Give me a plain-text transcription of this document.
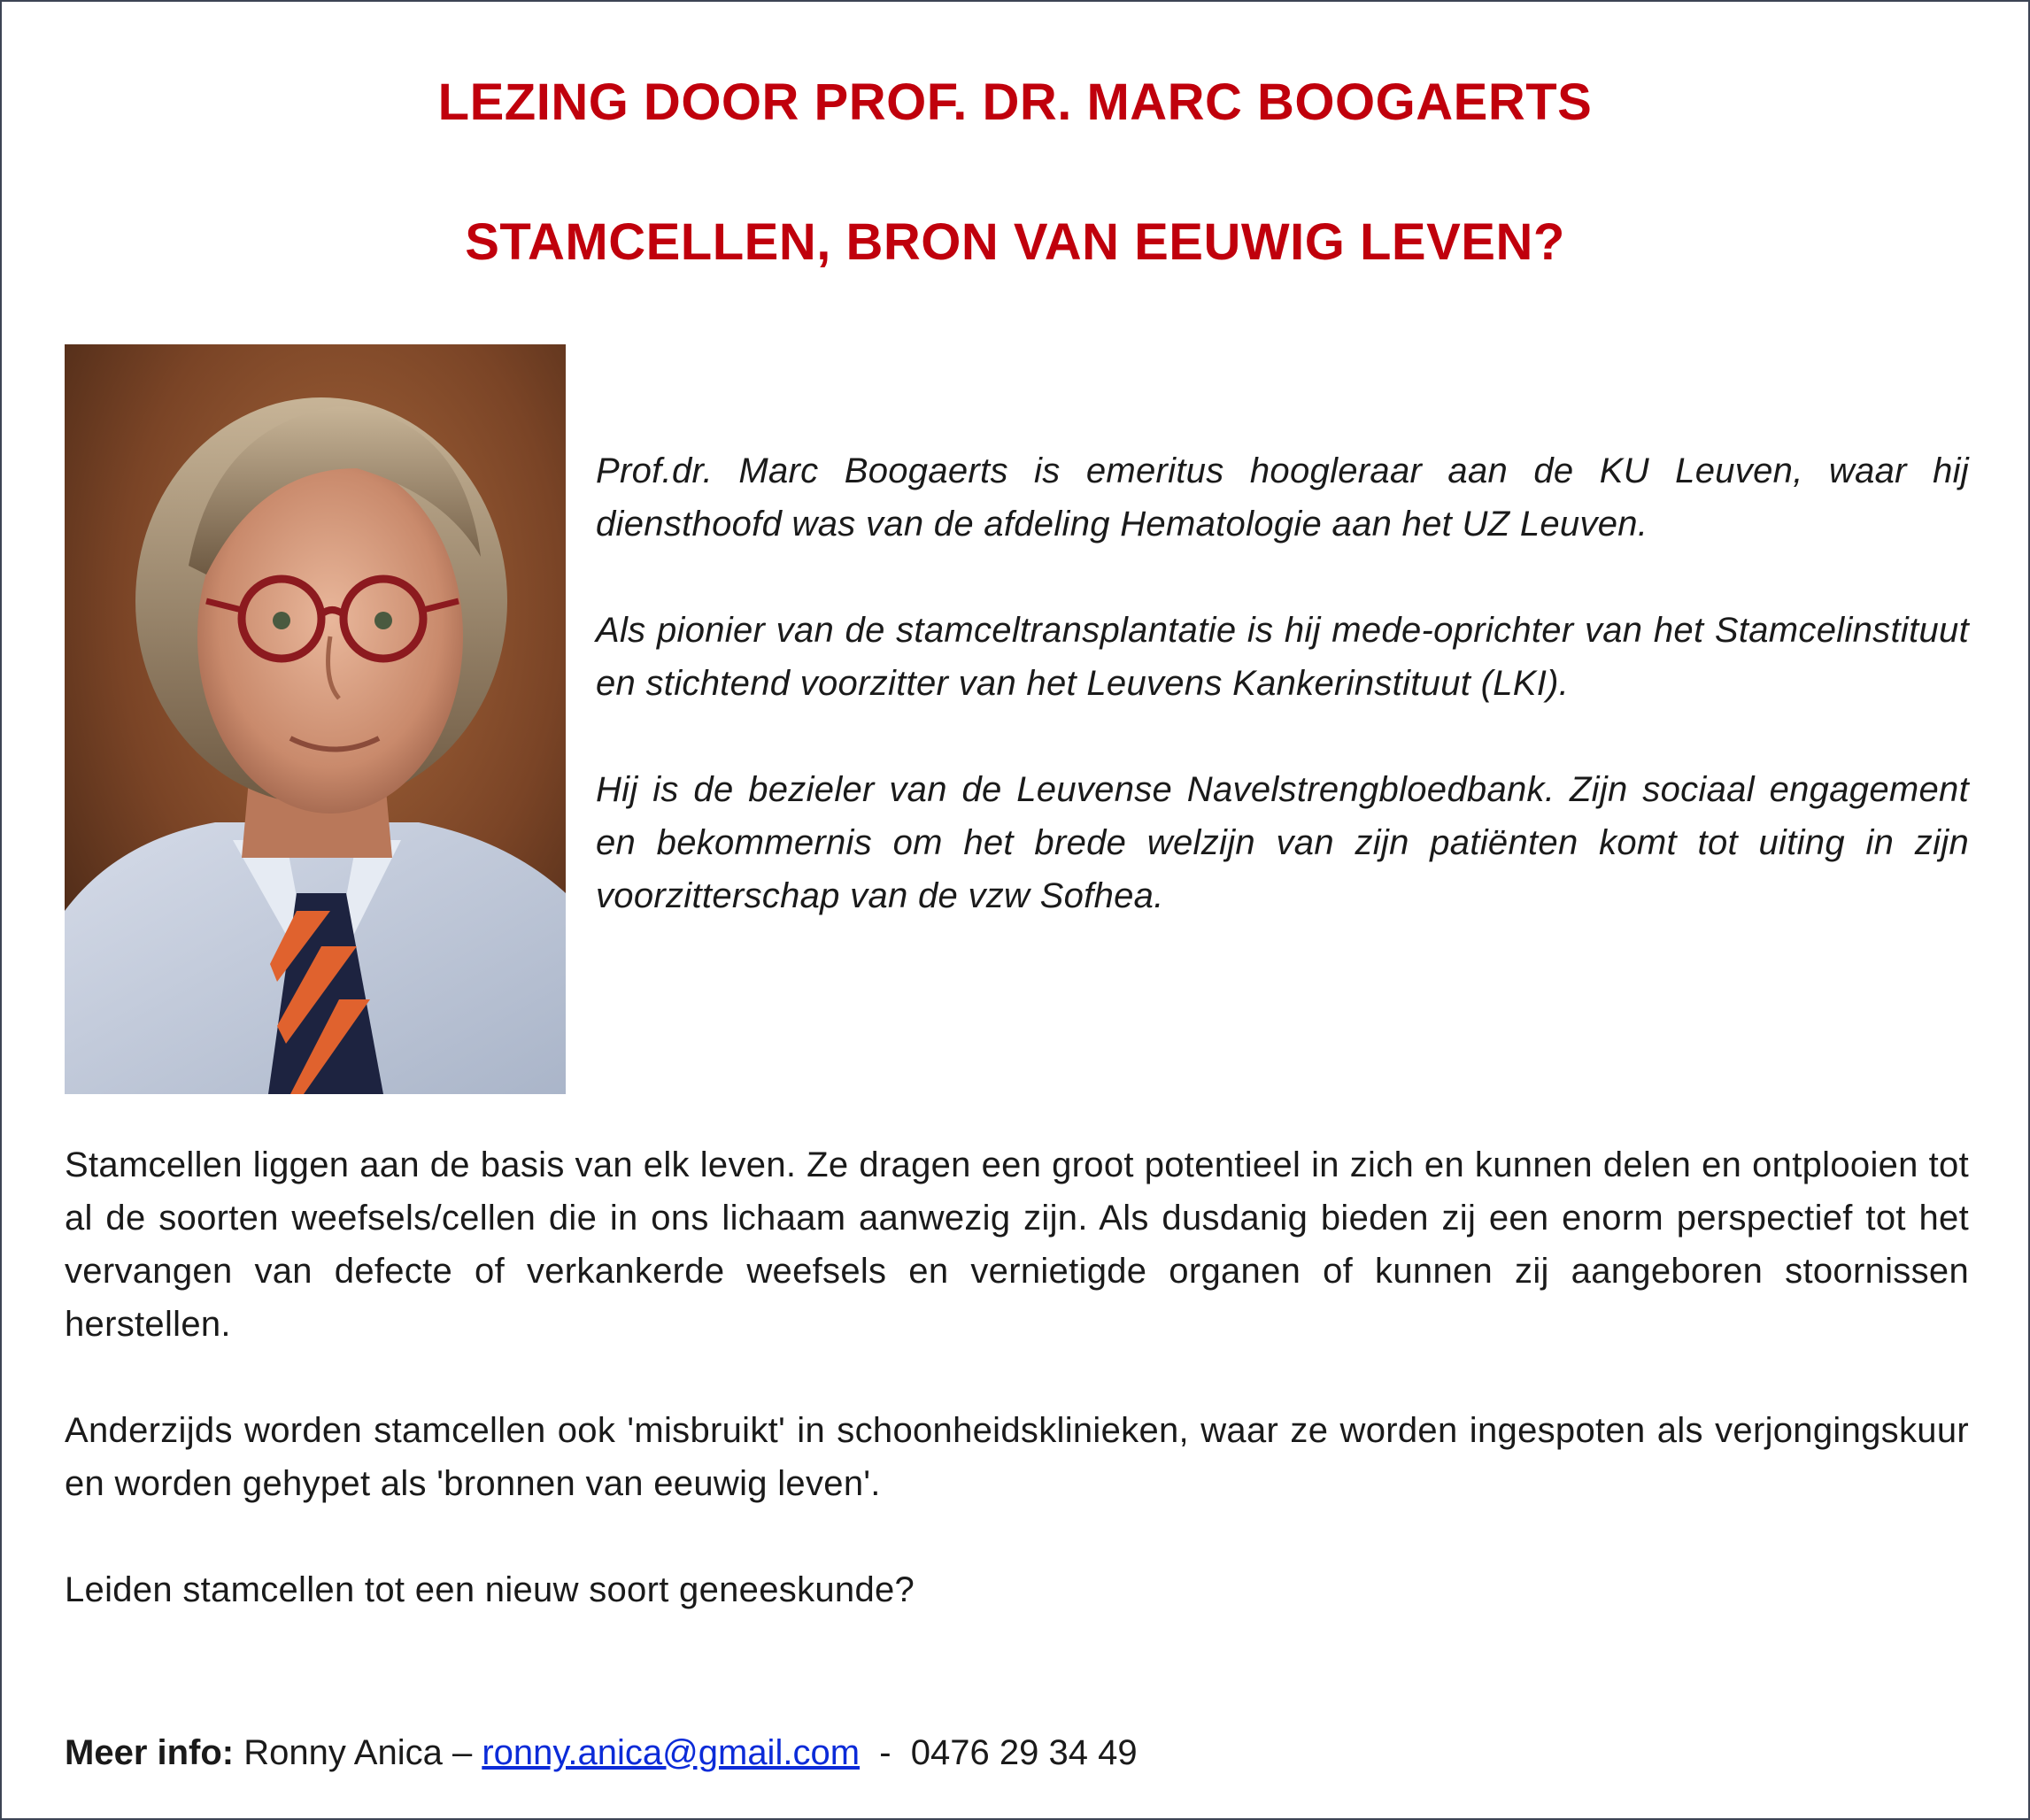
LEZING DOOR PROF. DR. MARC BOOGAERTS
STAMCELLEN, BRON VAN EEUWIG LEVEN?

Prof.dr. Marc Boogaerts is emeritus hoogleraar aan de KU Leuven, waar hij diensthoofd was van de afdeling Hematologie aan het UZ Leuven.

Als pionier van de stamceltransplantatie is hij mede-oprichter van het Stamcelinstituut en stichtend voorzitter van het Leuvens Kankerinstituut (LKI).

Hij is de bezieler van de Leuvense Navelstrengbloedbank. Zijn sociaal engagement en bekommernis om het brede welzijn van zijn patiënten komt tot uiting in zijn voorzitterschap van de vzw Sofhea.

Stamcellen liggen aan de basis van elk leven. Ze dragen een groot potentieel in zich en kunnen delen en ontplooien tot al de soorten weefsels/cellen die in ons lichaam aanwezig zijn. Als dusdanig bieden zij een enorm perspectief tot het vervangen van defecte of verkankerde weefsels en vernietigde organen of kunnen zij aangeboren stoornissen herstellen.

Anderzijds worden stamcellen ook 'misbruikt' in schoonheidsklinieken, waar ze worden ingespoten als verjongingskuur en worden gehypet als 'bronnen van eeuwig leven'.

Leiden stamcellen tot een nieuw soort geneeskunde?

Meer info: Ronny Anica – ronny.anica@gmail.com  -  0476 29 34 49
